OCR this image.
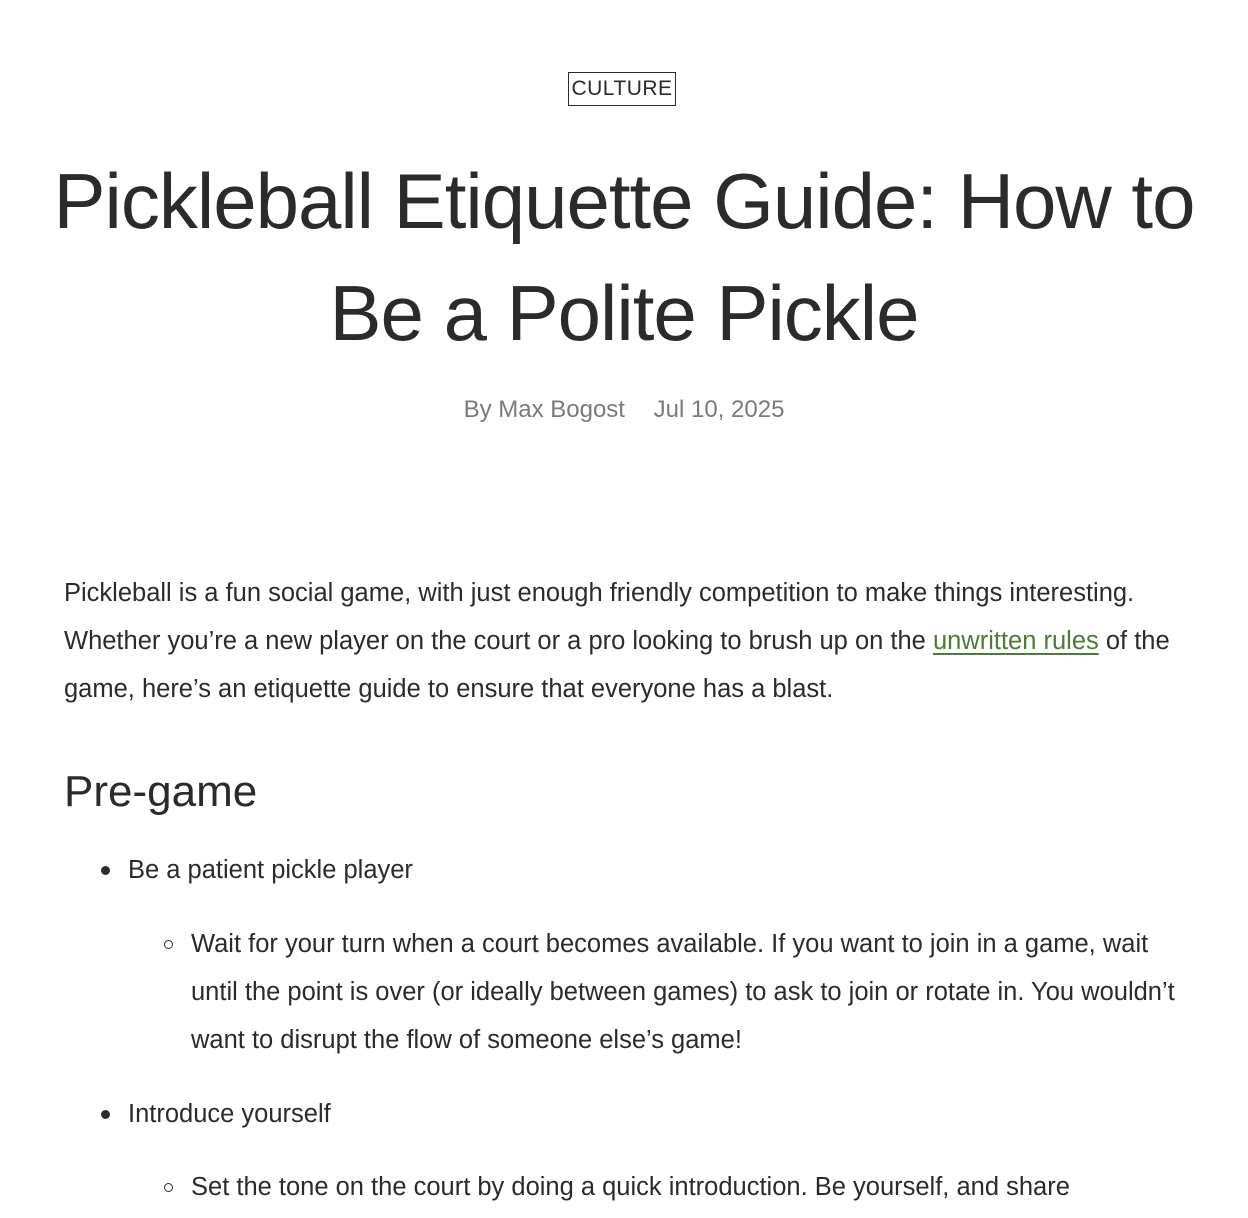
CULTURE
Pickleball Etiquette Guide: How to Be a Polite Pickle
By Max Bogost Jul 10, 2025

Pickleball is a fun social game, with just enough friendly competition to make things interesting. Whether you’re a new player on the court or a pro looking to brush up on the unwritten rules of the game, here’s an etiquette guide to ensure that everyone has a blast.

Pre-game
Be a patient pickle player

Wait for your turn when a court becomes available. If you want to join in a game, wait until the point is over (or ideally between games) to ask to join or rotate in. You wouldn’t want to disrupt the flow of someone else’s game!

Introduce yourself

Set the tone on the court by doing a quick introduction. Be yourself, and share
